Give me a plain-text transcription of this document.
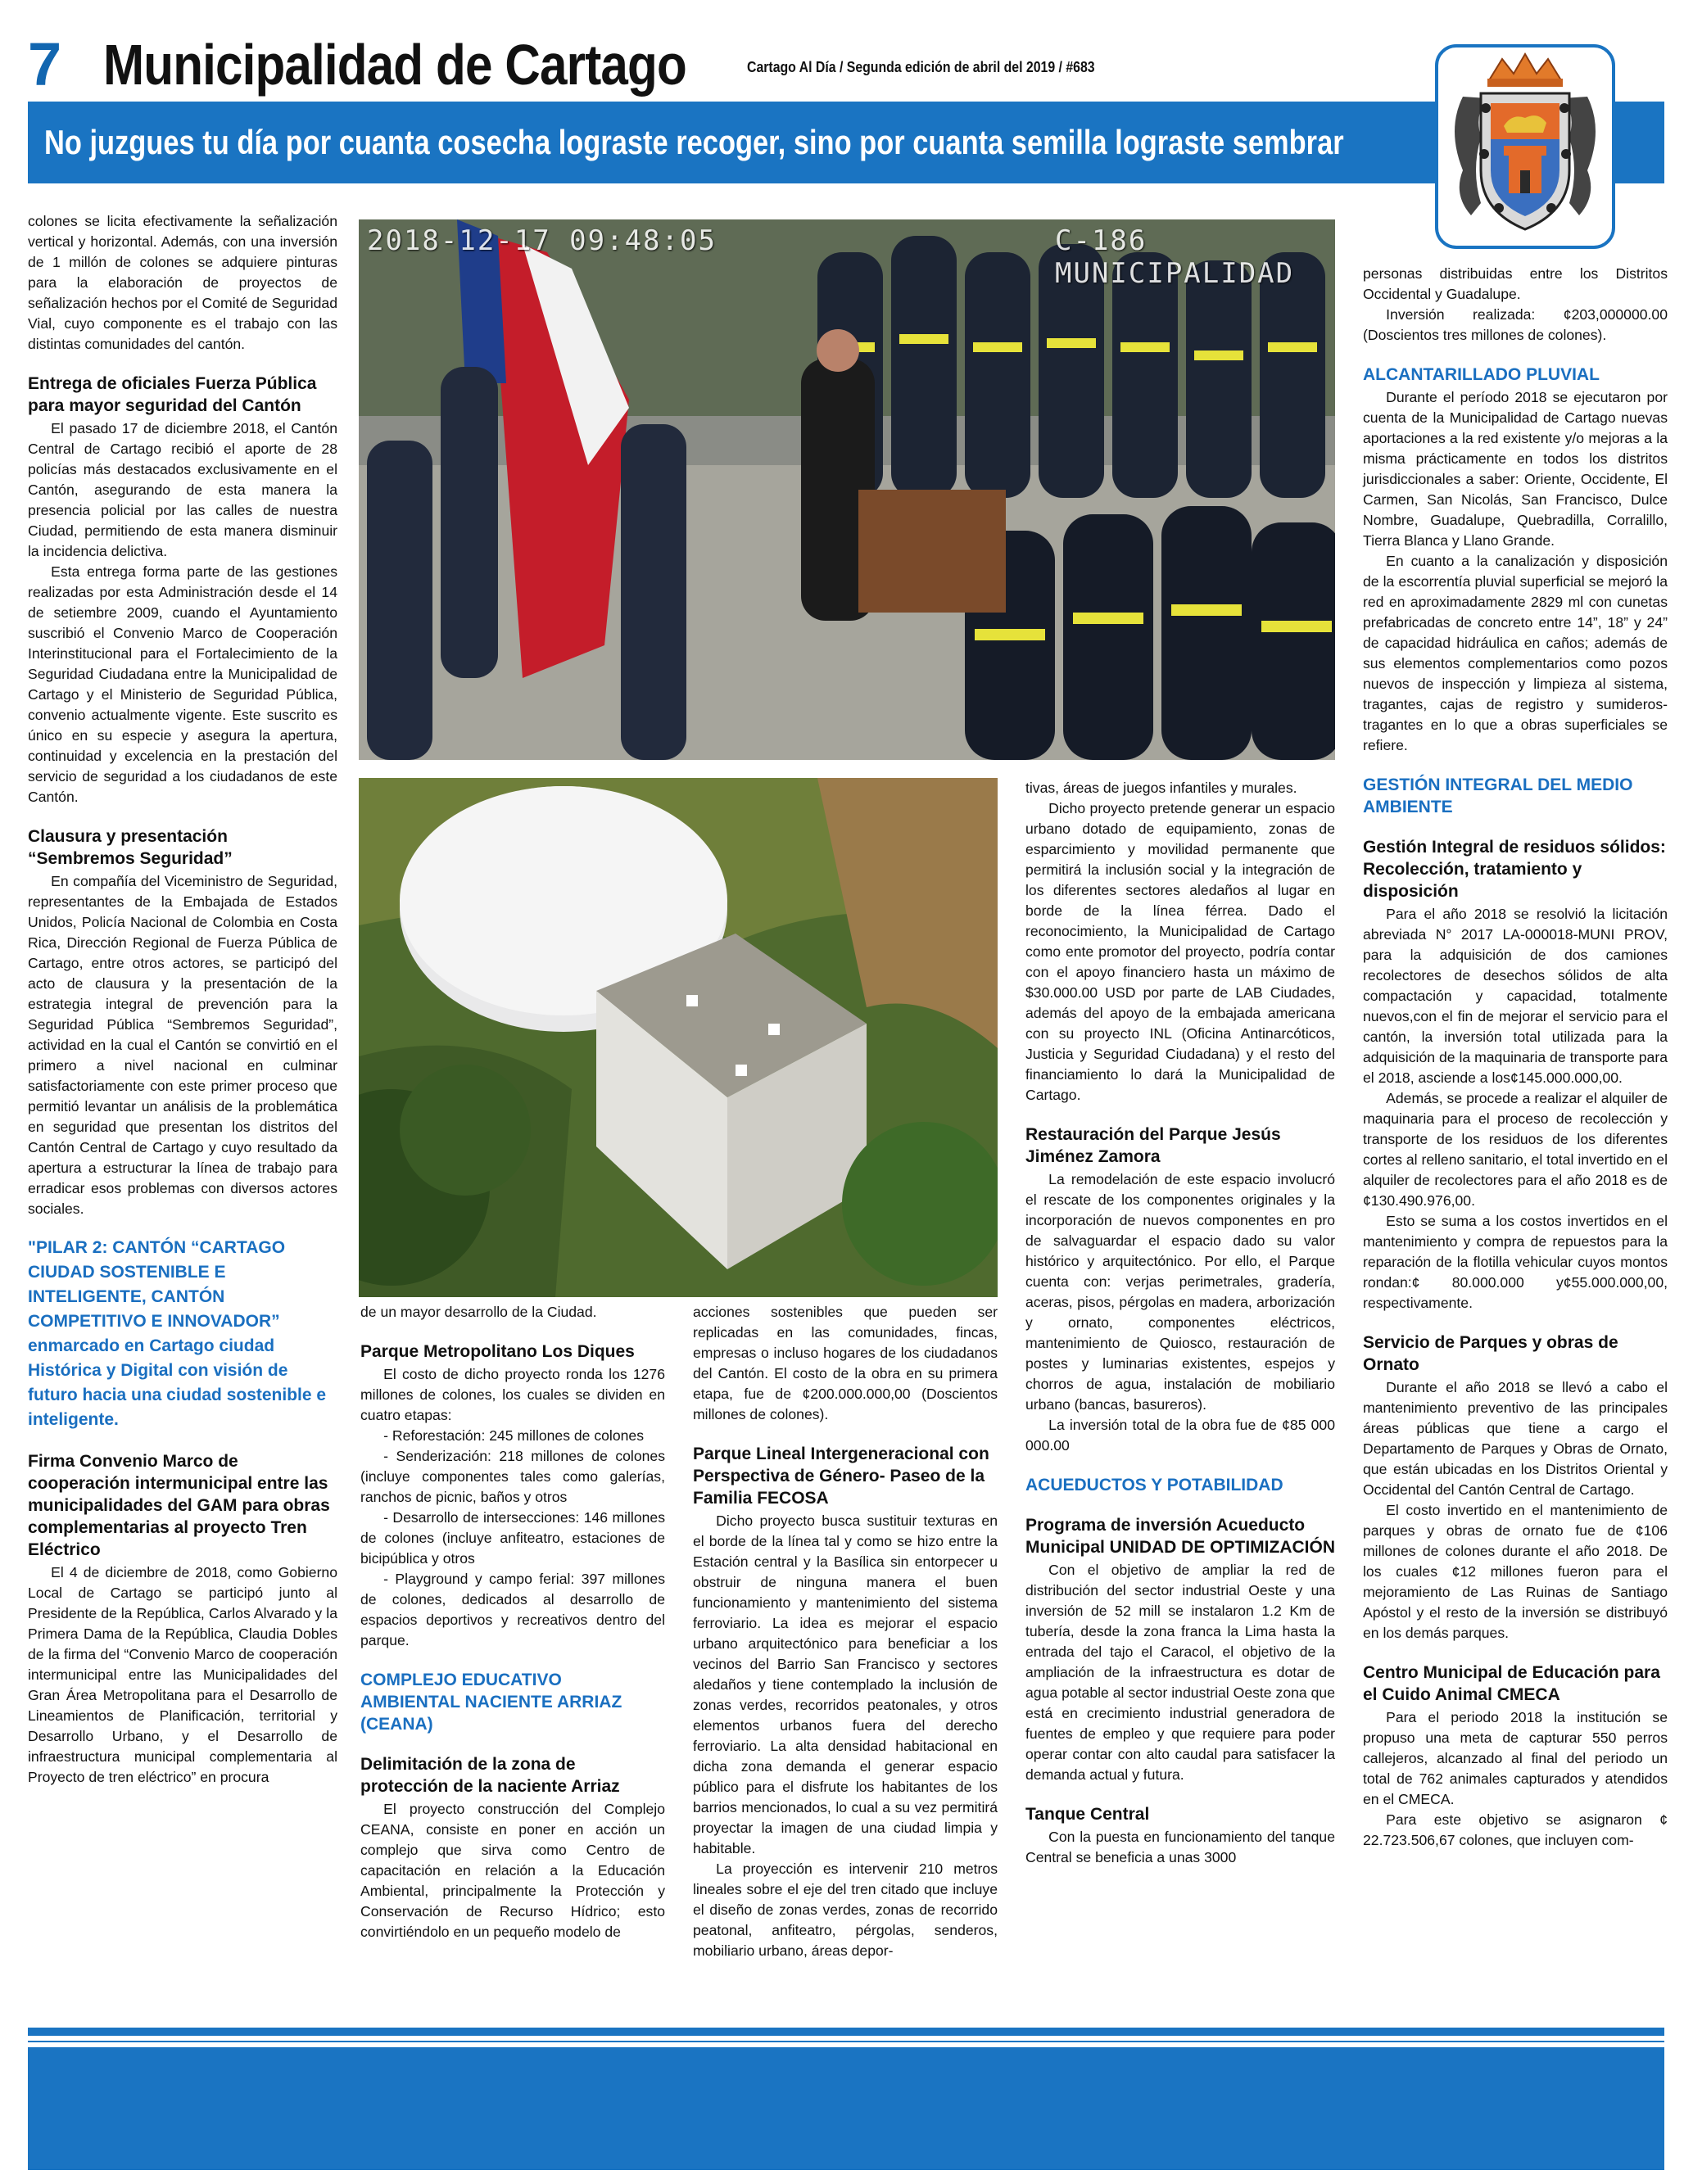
7 Municipalidad de Cartago	Cartago Al Día / Segunda edición de abril del 2019 / #683
No juzgues tu día por cuanta cosecha lograste recoger, sino por cuanta semilla lograste sembrar

colones se licita efectivamente la señalización vertical y horizontal. Además, con una inversión de 1 millón de colones se adquiere pinturas para la elaboración de proyectos de señalización hechos por el Comité de Seguridad Vial, cuyo componente es el trabajo con las distintas comunidades del cantón.

Entrega de oficiales Fuerza Pública para mayor seguridad del Cantón

El pasado 17 de diciembre 2018, el Cantón Central de Cartago recibió el aporte de 28 policías más destacados exclusivamente en el Cantón, asegurando de esta manera la presencia policial por las calles de nuestra Ciudad, permitiendo de esta manera disminuir la incidencia delictiva.

Esta entrega forma parte de las gestiones realizadas por esta Administración desde el 14 de setiembre 2009, cuando el Ayuntamiento suscribió el Convenio Marco de Cooperación Interinstitucional para el Fortalecimiento de la Seguridad Ciudadana entre la Municipalidad de Cartago y el Ministerio de Seguridad Pública, convenio actualmente vigente. Este suscrito es único en su especie y asegura la apertura, continuidad y excelencia en la prestación del servicio de seguridad a los ciudadanos de este Cantón.

Clausura y presentación “Sembremos Seguridad”

En compañía del Viceministro de Seguridad, representantes de la Embajada de Estados Unidos, Policía Nacional de Colombia en Costa Rica, Dirección Regional de Fuerza Pública de Cartago, entre otros actores, se participó del acto de clausura y la presentación de la estrategia integral de prevención para la Seguridad Pública “Sembremos Seguridad”, actividad en la cual el Cantón se convirtió en el primero a nivel nacional en culminar satisfactoriamente con este primer proceso que permitió levantar un análisis de la problemática en seguridad que presentan los distritos del Cantón Central de Cartago y cuyo resultado da apertura a estructurar la línea de trabajo para erradicar esos problemas con diversos actores sociales.

"PILAR 2: CANTÓN “CARTAGO CIUDAD SOSTENIBLE E INTELIGENTE, CANTÓN COMPETITIVO E INNOVADOR” enmarcado en Cartago ciudad Histórica y Digital con visión de futuro hacia una ciudad sostenible e inteligente.
Firma Convenio Marco de cooperación intermunicipal entre las municipalidades del GAM para obras complementarias al proyecto Tren Eléctrico

El 4 de diciembre de 2018, como Gobierno Local de Cartago se participó junto al Presidente de la República, Carlos Alvarado y la Primera Dama de la República, Claudia Dobles de la firma del “Convenio Marco de cooperación intermunicipal entre las Municipalidades del Gran Área Metropolitana para el Desarrollo de Lineamientos de Planificación, territorial y Desarrollo Urbano, y el Desarrollo de infraestructura municipal complementaria al Proyecto de tren eléctrico” en procura

2018-12-17 09:48:05	C-186 MUNICIPALIDAD

de un mayor desarrollo de la Ciudad.

Parque Metropolitano Los Diques

El costo de dicho proyecto ronda los 1276 millones de colones, los cuales se dividen en cuatro etapas:

- Reforestación: 245 millones de colones

- Senderización: 218 millones de colones (incluye componentes tales como galerías, ranchos de picnic, baños y otros

- Desarrollo de intersecciones: 146 millones de colones (incluye anfiteatro, estaciones de bicipública y otros

- Playground y campo ferial: 397 millones de colones, dedicados al desarrollo de espacios deportivos y recreativos dentro del parque.

COMPLEJO EDUCATIVO AMBIENTAL NACIENTE ARRIAZ (CEANA)
Delimitación de la zona de protección de la naciente Arriaz

El proyecto construcción del Complejo CEANA, consiste en poner en acción un complejo que sirva como Centro de capacitación en relación a la Educación Ambiental, principalmente la Protección y Conservación de Recurso Hídrico; esto convirtiéndolo en un pequeño modelo de

acciones sostenibles que pueden ser replicadas en las comunidades, fincas, empresas o incluso hogares de los ciudadanos del Cantón. El costo de la obra en su primera etapa, fue de ¢200.000.000,00 (Doscientos millones de colones).

Parque Lineal Intergeneracional con Perspectiva de Género- Paseo de la Familia FECOSA

Dicho proyecto busca sustituir texturas en el borde de la línea tal y como se hizo entre la Estación central y la Basílica sin entorpecer u obstruir de ninguna manera el buen funcionamiento y mantenimiento del sistema ferroviario. La idea es mejorar el espacio urbano arquitectónico para beneficiar a los vecinos del Barrio San Francisco y sectores aledaños y tiene contemplado la inclusión de zonas verdes, recorridos peatonales, y otros elementos urbanos fuera del derecho ferroviario. La alta densidad habitacional en dicha zona demanda el generar espacio público para el disfrute los habitantes de los barrios mencionados, lo cual a su vez permitirá proyectar la imagen de una ciudad limpia y habitable.

La proyección es intervenir 210 metros lineales sobre el eje del tren citado que incluye el diseño de zonas verdes, zonas de recorrido peatonal, anfiteatro, pérgolas, senderos, mobiliario urbano, áreas depor-

tivas, áreas de juegos infantiles y murales.

Dicho proyecto pretende generar un espacio urbano dotado de equipamiento, zonas de esparcimiento y movilidad permanente que permitirá la inclusión social y la integración de los diferentes sectores aledaños al lugar en borde de la línea férrea. Dado el reconocimiento, la Municipalidad de Cartago como ente promotor del proyecto, podría contar con el apoyo financiero hasta un máximo de $30.000.00 USD por parte de LAB Ciudades, además del apoyo de la embajada americana con su proyecto INL (Oficina Antinarcóticos, Justicia y Seguridad Ciudadana) y el resto del financiamiento lo dará la Municipalidad de Cartago.

Restauración del Parque Jesús Jiménez Zamora

La remodelación de este espacio involucró el rescate de los componentes originales y la incorporación de nuevos componentes en pro de salvaguardar el espacio dado su valor histórico y arquitectónico. Por ello, el Parque cuenta con: verjas perimetrales, gradería, aceras, pisos, pérgolas en madera, arborización y ornato, componentes eléctricos, mantenimiento de Quiosco, restauración de postes y luminarias existentes, espejos y chorros de agua, instalación de mobiliario urbano (bancas, basureros).

La inversión total de la obra fue de ¢85 000 000.00

ACUEDUCTOS Y POTABILIDAD
Programa de inversión Acueducto Municipal UNIDAD DE OPTIMIZACIÓN

Con el objetivo de ampliar la red de distribución del sector industrial Oeste y una inversión de 52 mill se instalaron 1.2 Km de tubería, desde la zona franca la Lima hasta la entrada del tajo el Caracol, el objetivo de la ampliación de la infraestructura es dotar de agua potable al sector industrial Oeste zona que está en crecimiento industrial generadora de fuentes de empleo y que requiere para poder operar contar con alto caudal para satisfacer la demanda actual y futura.

Tanque Central

Con la puesta en funcionamiento del tanque Central se beneficia a unas 3000

personas distribuidas entre los Distritos Occidental y Guadalupe.

Inversión realizada: ¢203,000000.00 (Doscientos tres millones de colones).

ALCANTARILLADO PLUVIAL

Durante el período 2018 se ejecutaron por cuenta de la Municipalidad de Cartago nuevas aportaciones a la red existente y/o mejoras a la misma prácticamente en todos los distritos jurisdiccionales a saber: Oriente, Occidente, El Carmen, San Nicolás, San Francisco, Dulce Nombre, Guadalupe, Quebradilla, Corralillo, Tierra Blanca y Llano Grande.

En cuanto a la canalización y disposición de la escorrentía pluvial superficial se mejoró la red en aproximadamente 2829 ml con cunetas prefabricadas de concreto entre 14”, 18” y 24” de capacidad hidráulica en caños; además de sus elementos complementarios como pozos nuevos de inspección y limpieza al sistema, tragantes, cajas de registro y sumideros-tragantes en lo que a obras superficiales se refiere.

GESTIÓN INTEGRAL DEL MEDIO AMBIENTE
Gestión Integral de residuos sólidos: Recolección, tratamiento y disposición

Para el año 2018 se resolvió la licitación abreviada N° 2017 LA-000018-MUNI PROV, para la adquisición de dos camiones recolectores de desechos sólidos de alta compactación y capacidad, totalmente nuevos,con el fin de mejorar el servicio para el cantón, la inversión total utilizada para la adquisición de la maquinaria de transporte para el 2018, asciende a los¢145.000.000,00.

Además, se procede a realizar el alquiler de maquinaria para el proceso de recolección y transporte de los residuos de los diferentes cortes al relleno sanitario, el total invertido en el alquiler de recolectores para el año 2018 es de ¢130.490.976,00.

Esto se suma a los costos invertidos en el mantenimiento y compra de repuestos para la reparación de la flotilla vehicular cuyos montos rondan:¢ 80.000.000 y¢55.000.000,00, respectivamente.

Servicio de Parques y obras de Ornato

Durante el año 2018 se llevó a cabo el mantenimiento preventivo de las principales áreas públicas que tiene a cargo el Departamento de Parques y Obras de Ornato, que están ubicadas en los Distritos Oriental y Occidental del Cantón Central de Cartago.

El costo invertido en el mantenimiento de parques y obras de ornato fue de ¢106 millones de colones durante el año 2018. De los cuales ¢12 millones fueron para el mejoramiento de Las Ruinas de Santiago Apóstol y el resto de la inversión se distribuyó en los demás parques.

Centro Municipal de Educación para el Cuido Animal CMECA

Para el periodo 2018 la institución se propuso una meta de capturar 550 perros callejeros, alcanzado al final del periodo un total de 762 animales capturados y atendidos en el CMECA.

Para este objetivo se asignaron ¢ 22.723.506,67 colones, que incluyen com-
